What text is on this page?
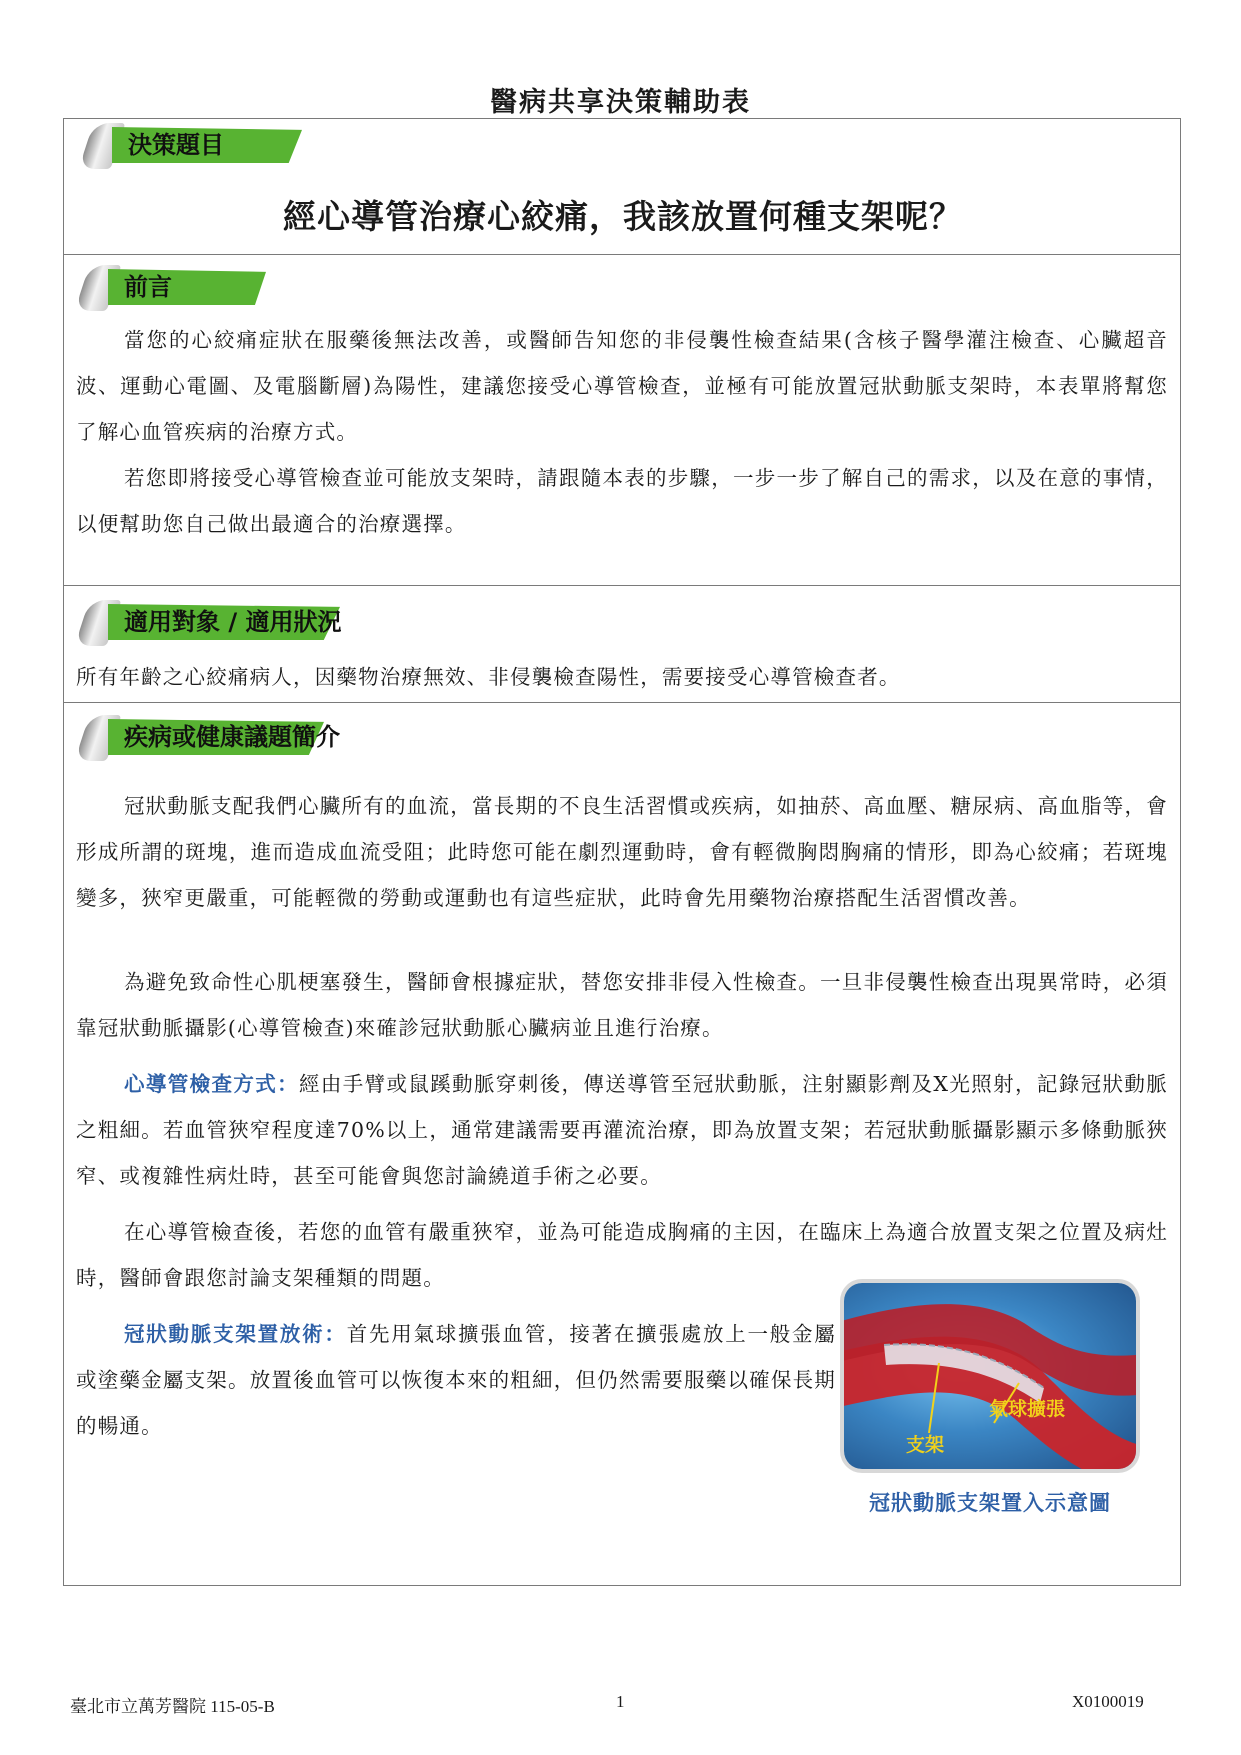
醫病共享決策輔助表
決策題目
經心導管治療心絞痛，我該放置何種支架呢？
前言
當您的心絞痛症狀在服藥後無法改善，或醫師告知您的非侵襲性檢查結果(含核子醫學灌注檢查、心臟超音波、運動心電圖、及電腦斷層)為陽性，建議您接受心導管檢查，並極有可能放置冠狀動脈支架時，本表單將幫您了解心血管疾病的治療方式。
若您即將接受心導管檢查並可能放支架時，請跟隨本表的步驟，一步一步了解自己的需求，以及在意的事情，以便幫助您自己做出最適合的治療選擇。
適用對象 / 適用狀況
所有年齡之心絞痛病人，因藥物治療無效、非侵襲檢查陽性，需要接受心導管檢查者。
疾病或健康議題簡介
冠狀動脈支配我們心臟所有的血流，當長期的不良生活習慣或疾病，如抽菸、高血壓、糖尿病、高血脂等，會形成所謂的斑塊，進而造成血流受阻；此時您可能在劇烈運動時，會有輕微胸悶胸痛的情形，即為心絞痛；若斑塊變多，狹窄更嚴重，可能輕微的勞動或運動也有這些症狀，此時會先用藥物治療搭配生活習慣改善。
為避免致命性心肌梗塞發生，醫師會根據症狀，替您安排非侵入性檢查。一旦非侵襲性檢查出現異常時，必須靠冠狀動脈攝影(心導管檢查)來確診冠狀動脈心臟病並且進行治療。
心導管檢查方式：經由手臂或鼠蹊動脈穿刺後，傳送導管至冠狀動脈，注射顯影劑及X光照射，記錄冠狀動脈之粗細。若血管狹窄程度達70%以上，通常建議需要再灌流治療，即為放置支架；若冠狀動脈攝影顯示多條動脈狹窄、或複雜性病灶時，甚至可能會與您討論繞道手術之必要。
在心導管檢查後，若您的血管有嚴重狹窄，並為可能造成胸痛的主因，在臨床上為適合放置支架之位置及病灶時，醫師會跟您討論支架種類的問題。
冠狀動脈支架置放術：首先用氣球擴張血管，接著在擴張處放上一般金屬或塗藥金屬支架。放置後血管可以恢復本來的粗細，但仍然需要服藥以確保長期的暢通。
氣球擴張
支架
冠狀動脈支架置入示意圖
臺北市立萬芳醫院 115-05-B	1	X0100019
